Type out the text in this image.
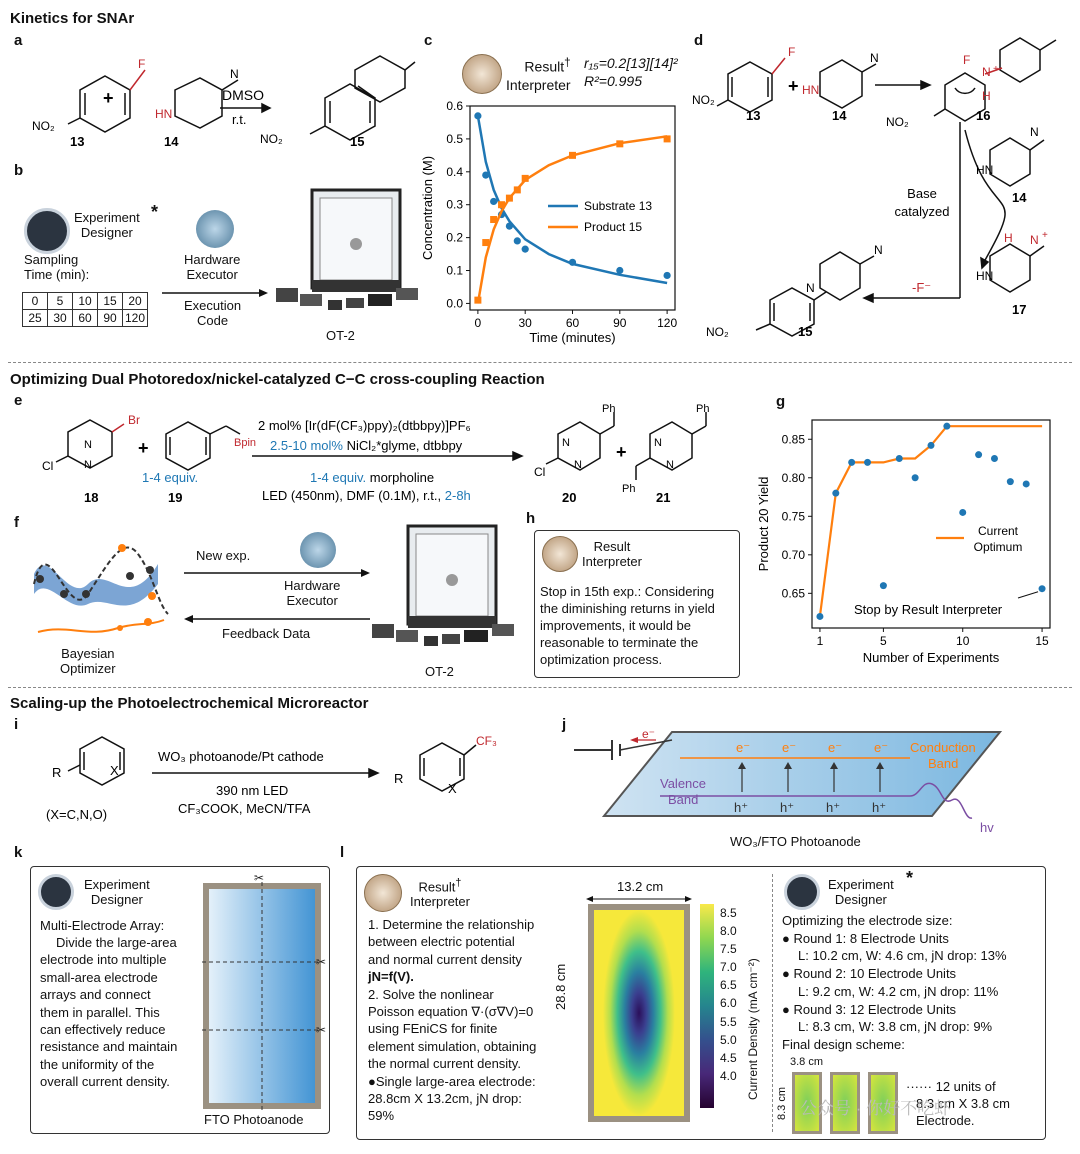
Kinetics for SNAr
Optimizing Dual Photoredox/nickel-catalyzed C−C cross-coupling Reaction
Scaling-up the Photoelectrochemical Microreactor
a
b
c	d
e
f
g
h
i	j
k	l
F
NO₂
HN
N
+	DMSO
r.t.
NO₂
13	14	15
Experiment
Designer
*
Sampling
Time (min):
0	5	10	15	20
25	30	60	90	120
Hardware
Executor
Execution
Code
OT-2
Result†
Interpreter
r₁₅=0.2[13][14]²
R²=0.995
0.0
0.1
0.2
0.3
0.4
0.5
0.6
0	30	60	90	120
Time (minutes)
Concentration (M)	Substrate 13
Product 15
F
NO₂
+ HN
N
13	14
F
N +
H
NO₂	16
Base catalyzed
HN
N
14
H N +
HN
17
-F⁻
N
N
NO₂	15
Br
Cl
N
N
+	Bpin
1-4 equiv.
18	19
2 mol% [Ir(dF(CF₃)ppy)₂(dtbbpy)]PF₆
2.5-10 mol% NiCl₂*glyme, dtbbpy
1-4 equiv. morpholine
LED (450nm), DMF (0.1M), r.t., 2-8h
Ph
N
N
Cl
20
+
Ph
N
N
Ph
21
Bayesian
Optimizer
New exp.
Hardware
Executor
Feedback Data
OT-2
Result
Interpreter
Stop in 15th exp.: Considering
the diminishing returns in yield
improvements, it would be
reasonable to terminate the
optimization process.
0.65
0.70
0.75
0.80
0.85
1	5	10	15
Number of Experiments
Product 20 Yield	Current
Optimum
Stop by Result Interpreter
R	X
(X=C,N,O)
WO₃ photoanode/Pt cathode
390 nm LED
CF₃COOK, MeCN/TFA
R
X
CF₃	e⁻ e⁻ e⁻ e⁻
h⁺ h⁺ h⁺ h⁺
Conduction Band
Valence Band
hv
e⁻
WO₃/FTO Photoanode
Experiment
Designer
Multi-Electrode Array:
Divide the large-area
electrode into multiple
small-area electrode
arrays and connect
them in parallel. This
can effectively reduce
resistance and maintain
the uniformity of the
overall current density.
✂
✂
✂
FTO Photoanode
Result†
Interpreter
1. Determine the relationship
between electric potential
and normal current density
jN=f(V).
2. Solve the nonlinear
Poisson equation ∇·(σ∇V)=0
using FEniCS for finite
element simulation, obtaining
the normal current density.
●Single large-area electrode:
28.8cm X 13.2cm, jN drop:
59%
13.2 cm
28.8 cm
8.5
8.0
7.5
7.0
6.5
6.0
5.5
5.0
4.5
4.0 Current Density (mA cm⁻²)
Experiment
Designer
*
Optimizing the electrode size:
● Round 1: 8 Electrode Units
L: 10.2 cm, W: 4.6 cm, jN drop: 13%
● Round 2: 10 Electrode Units
L: 9.2 cm, W: 4.2 cm, jN drop: 11%
● Round 3: 12 Electrode Units
L: 8.3 cm, W: 3.8 cm, jN drop: 9%
Final design scheme:
3.8 cm
8.3 cm
······ 12 units of
8.3 cm X 3.8 cm
Electrode.
公众号 · 你好不吃虾
